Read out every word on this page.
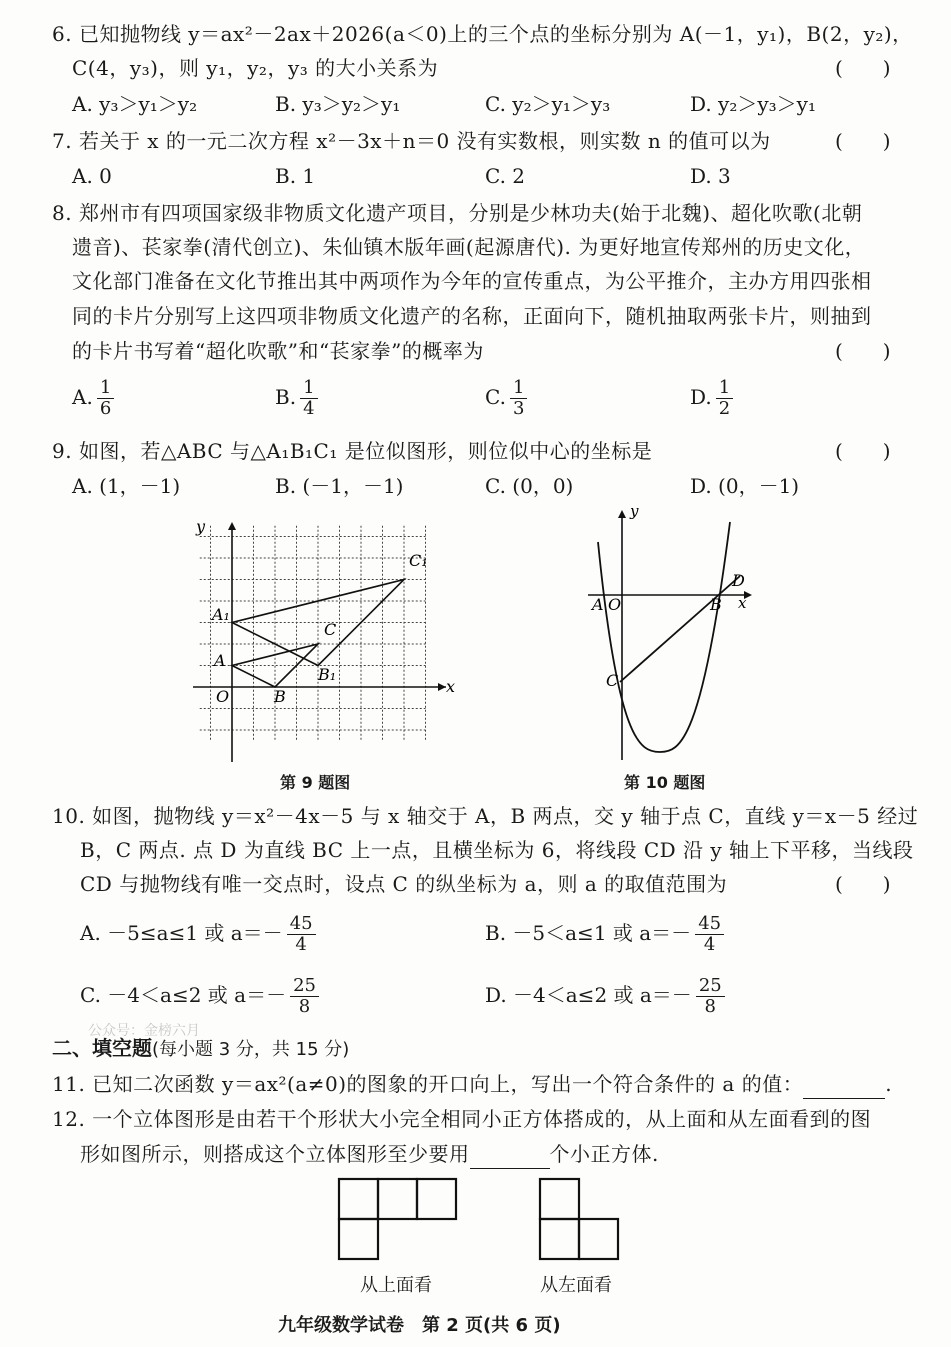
6. 已知抛物线 y＝ax²－2ax＋2026(a＜0)上的三个点的坐标分别为 A(－1，y₁)，B(2，y₂)，
C(4，y₃)，则 y₁，y₂，y₃ 的大小关系为	(　　)
A. y₃＞y₁＞y₂	B. y₃＞y₂＞y₁	C. y₂＞y₁＞y₃	D. y₂＞y₃＞y₁
7. 若关于 x 的一元二次方程 x²－3x＋n＝0 没有实数根，则实数 n 的值可以为	(　　)
A. 0	B. 1	C. 2	D. 3
8. 郑州市有四项国家级非物质文化遗产项目，分别是少林功夫(始于北魏)、超化吹歌(北朝
遗音)、苌家拳(清代创立)、朱仙镇木版年画(起源唐代). 为更好地宣传郑州的历史文化，
文化部门准备在文化节推出其中两项作为今年的宣传重点，为公平推介，主办方用四张相
同的卡片分别写上这四项非物质文化遗产的名称，正面向下，随机抽取两张卡片，则抽到
的卡片书写着“超化吹歌”和“苌家拳”的概率为	(　　)
A. $\frac{1}{6}$	B. $\frac{1}{4}$	C. $\frac{1}{3}$	D. $\frac{1}{2}$
9. 如图，若△ABC 与△A₁B₁C₁ 是位似图形，则位似中心的坐标是	(　　)
A. (1，－1)	B. (－1，－1)	C. (0，0)	D. (0，－1)
y
x
O
A
A₁
B
B₁
C
C₁
第 9 题图
y
x
A O	B
C
D
第 10 题图
10. 如图，抛物线 y＝x²－4x－5 与 x 轴交于 A，B 两点，交 y 轴于点 C，直线 y＝x－5 经过
B，C 两点. 点 D 为直线 BC 上一点，且横坐标为 6，将线段 CD 沿 y 轴上下平移，当线段
CD 与抛物线有唯一交点时，设点 C 的纵坐标为 a，则 a 的取值范围为	(　　)
A. －5≤a≤1 或 $a=- \frac{45}{4}$	B. －5＜a≤1 或 $a=- \frac{45}{4}$
C. －4＜a≤2 或 $a=- \frac{25}{8}$	D. －4＜a≤2 或 $a=- \frac{25}{8}$
公众号：金榜六月
二、填空题(每小题 3 分，共 15 分)
11. 已知二次函数 y＝ax²(a≠0)的图象的开口向上，写出一个符合条件的 a 的值：	.
12. 一个立体图形是由若干个形状大小完全相同小正方体搭成的，从上面和从左面看到的图
形如图所示，则搭成这个立体图形至少要用	个小正方体.
从上面看	从左面看
九年级数学试卷　第 2 页(共 6 页)
